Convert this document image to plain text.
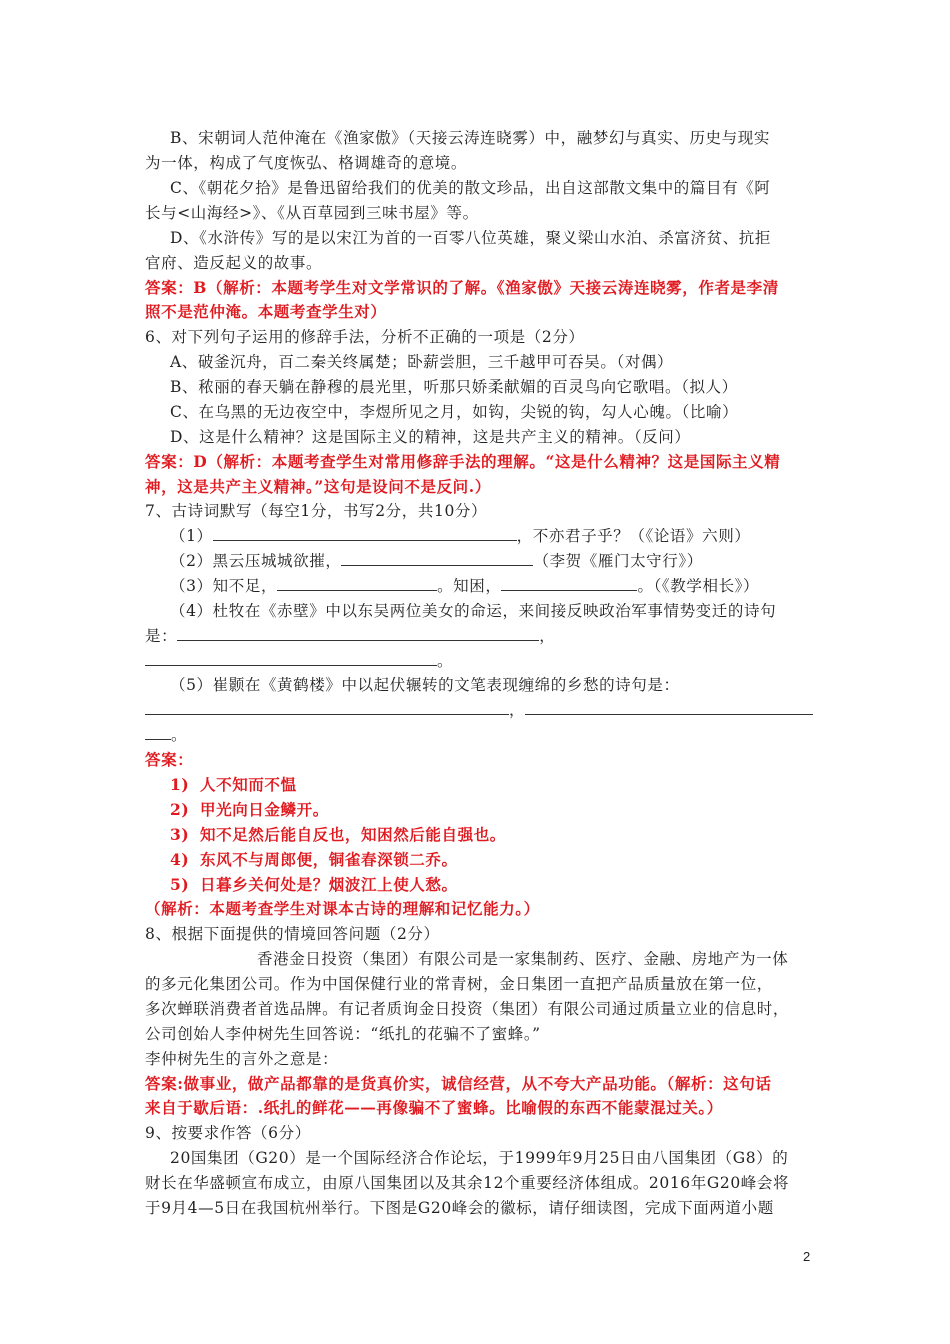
B、宋朝词人范仲淹在《渔家傲》（天接云涛连晓雾）中，融梦幻与真实、历史与现实
为一体，构成了气度恢弘、格调雄奇的意境。
C、《朝花夕拾》是鲁迅留给我们的优美的散文珍品，出自这部散文集中的篇目有《阿
长与<山海经>》、《从百草园到三味书屋》等。
D、《水浒传》写的是以宋江为首的一百零八位英雄，聚义梁山水泊、杀富济贫、抗拒
官府、造反起义的故事。
答案：B（解析：本题考学生对文学常识的了解。《渔家傲》天接云涛连晓雾，作者是李清
照不是范仲淹。本题考查学生对）
6、对下列句子运用的修辞手法，分析不正确的一项是（2分）
A、破釜沉舟，百二秦关终属楚；卧薪尝胆，三千越甲可吞吴。（对偶）
B、秾丽的春天躺在静穆的晨光里，听那只娇柔献媚的百灵鸟向它歌唱。（拟人）
C、在乌黑的无边夜空中，李煜所见之月，如钩，尖锐的钩，勾人心魄。（比喻）
D、这是什么精神？这是国际主义的精神，这是共产主义的精神。（反问）
答案：D（解析：本题考查学生对常用修辞手法的理解。“这是什么精神？这是国际主义精
神，这是共产主义精神。”这句是设问不是反问.）
7、古诗词默写（每空1分，书写2分，共10分）
（1）	，不亦君子乎？（《论语》六则）
（2）黑云压城城欲摧，	（李贺《雁门太守行》）
（3）知不足，	。知困，	。（《教学相长》）
（4）杜牧在《赤壁》中以东吴两位美女的命运，来间接反映政治军事情势变迁的诗句
是：	，
。
（5）崔颢在《黄鹤楼》中以起伏辗转的文笔表现缠绵的乡愁的诗句是：
，
。
答案：
1) 人不知而不愠
2) 甲光向日金鳞开。
3) 知不足然后能自反也，知困然后能自强也。
4) 东风不与周郎便，铜雀春深锁二乔。
5) 日暮乡关何处是？烟波江上使人愁。
（解析：本题考查学生对课本古诗的理解和记忆能力。）
8、根据下面提供的情境回答问题（2分）
香港金日投资（集团）有限公司是一家集制药、医疗、金融、房地产为一体
的多元化集团公司。作为中国保健行业的常青树，金日集团一直把产品质量放在第一位，
多次蝉联消费者首选品牌。有记者质询金日投资（集团）有限公司通过质量立业的信息时，
公司创始人李仲树先生回答说：“纸扎的花骗不了蜜蜂。”
李仲树先生的言外之意是：
答案:做事业，做产品都靠的是货真价实，诚信经营，从不夸大产品功能。（解析：这句话
来自于歇后语：.纸扎的鲜花——再像骗不了蜜蜂。比喻假的东西不能蒙混过关。）
9、按要求作答（6分）
20国集团（G20）是一个国际经济合作论坛，于1999年9月25日由八国集团（G8）的
财长在华盛顿宣布成立，由原八国集团以及其余12个重要经济体组成。2016年G20峰会将
于9月4—5日在我国杭州举行。下图是G20峰会的徽标，请仔细读图，完成下面两道小题
2
